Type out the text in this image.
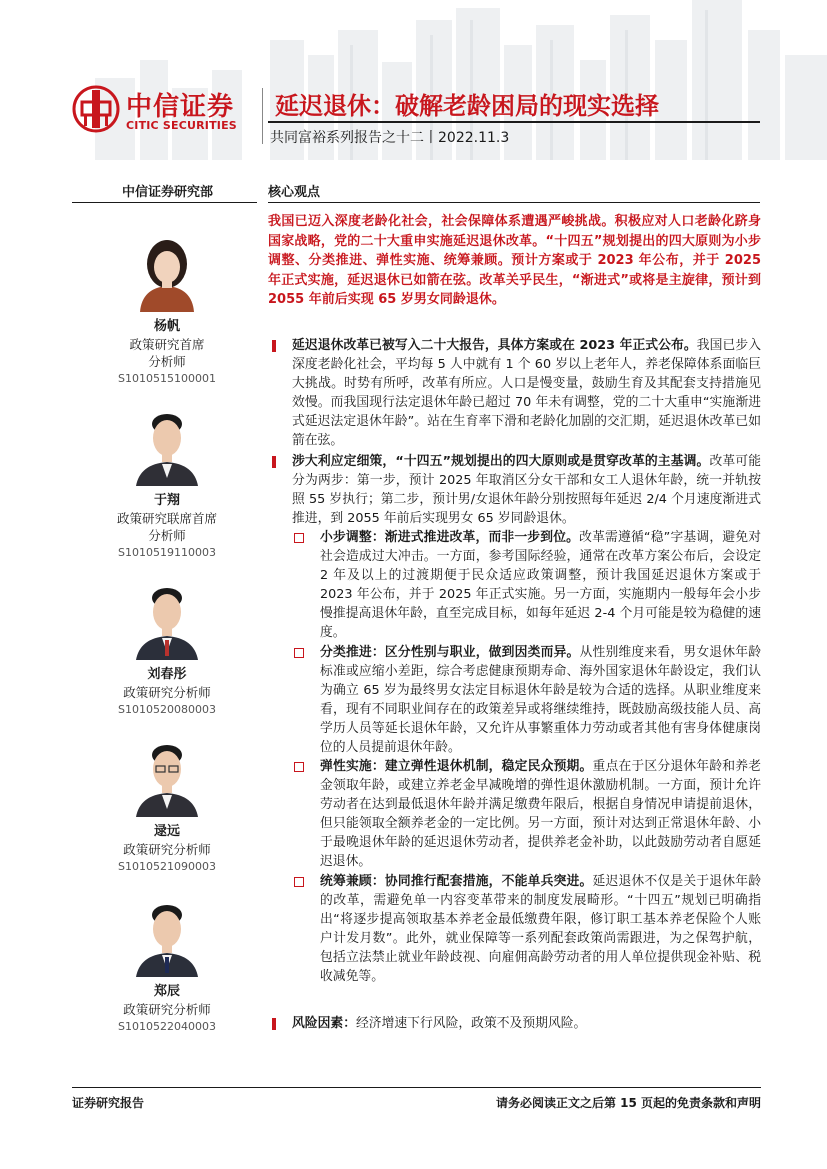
中信证券
CITIC SECURITIES
延迟退休：破解老龄困局的现实选择
共同富裕系列报告之十二丨2022.11.3
中信证券研究部	核心观点
杨帆
政策研究首席
分析师
S1010515100001
于翔
政策研究联席首席
分析师
S1010519110003
刘春彤
政策研究分析师
S1010520080003
逯远
政策研究分析师
S1010521090003
郑辰
政策研究分析师
S1010522040003
我国已迈入深度老龄化社会，社会保障体系遭遇严峻挑战。积极应对人口老龄化跻身国家战略，党的二十大重申实施延迟退休改革。“十四五”规划提出的四大原则为小步调整、分类推进、弹性实施、统筹兼顾。预计方案或于 2023 年公布，并于 2025 年正式实施，延迟退休已如箭在弦。改革关乎民生，“渐进式”或将是主旋律，预计到 2055 年前后实现 65 岁男女同龄退休。
延迟退休改革已被写入二十大报告，具体方案或在 2023 年正式公布。我国已步入深度老龄化社会，平均每 5 人中就有 1 个 60 岁以上老年人，养老保障体系面临巨大挑战。时势有所呼，改革有所应。人口是慢变量，鼓励生育及其配套支持措施见效慢。而我国现行法定退休年龄已超过 70 年未有调整，党的二十大重申“实施渐进式延迟法定退休年龄”。站在生育率下滑和老龄化加剧的交汇期，延迟退休改革已如箭在弦。
涉大利应定细策，“十四五”规划提出的四大原则或是贯穿改革的主基调。改革可能分为两步：第一步，预计 2025 年取消区分女干部和女工人退休年龄，统一并轨按照 55 岁执行；第二步，预计男/女退休年龄分别按照每年延迟 2/4 个月速度渐进式推进，到 2055 年前后实现男女 65 岁同龄退休。
小步调整：渐进式推进改革，而非一步到位。改革需遵循“稳”字基调，避免对社会造成过大冲击。一方面，参考国际经验，通常在改革方案公布后，会设定 2 年及以上的过渡期便于民众适应政策调整，预计我国延迟退休方案或于 2023 年公布，并于 2025 年正式实施。另一方面，实施期内一般每年会小步慢推提高退休年龄，直至完成目标，如每年延迟 2-4 个月可能是较为稳健的速度。
分类推进：区分性别与职业，做到因类而异。从性别维度来看，男女退休年龄标准或应缩小差距，综合考虑健康预期寿命、海外国家退休年龄设定，我们认为确立 65 岁为最终男女法定目标退休年龄是较为合适的选择。从职业维度来看，现有不同职业间存在的政策差异或将继续维持，既鼓励高级技能人员、高学历人员等延长退休年龄，又允许从事繁重体力劳动或者其他有害身体健康岗位的人员提前退休年龄。
弹性实施：建立弹性退休机制，稳定民众预期。重点在于区分退休年龄和养老金领取年龄，或建立养老金早减晚增的弹性退休激励机制。一方面，预计允许劳动者在达到最低退休年龄并满足缴费年限后，根据自身情况申请提前退休，但只能领取全额养老金的一定比例。另一方面，预计对达到正常退休年龄、小于最晚退休年龄的延迟退休劳动者，提供养老金补助，以此鼓励劳动者自愿延迟退休。
统筹兼顾：协同推行配套措施，不能单兵突进。延迟退休不仅是关于退休年龄的改革，需避免单一内容变革带来的制度发展畸形。“十四五”规划已明确指出“将逐步提高领取基本养老金最低缴费年限，修订职工基本养老保险个人账户计发月数”。此外，就业保障等一系列配套政策尚需跟进，为之保驾护航，包括立法禁止就业年龄歧视、向雇佣高龄劳动者的用人单位提供现金补贴、税收减免等。
风险因素：经济增速下行风险，政策不及预期风险。
证券研究报告	请务必阅读正文之后第 15 页起的免责条款和声明
